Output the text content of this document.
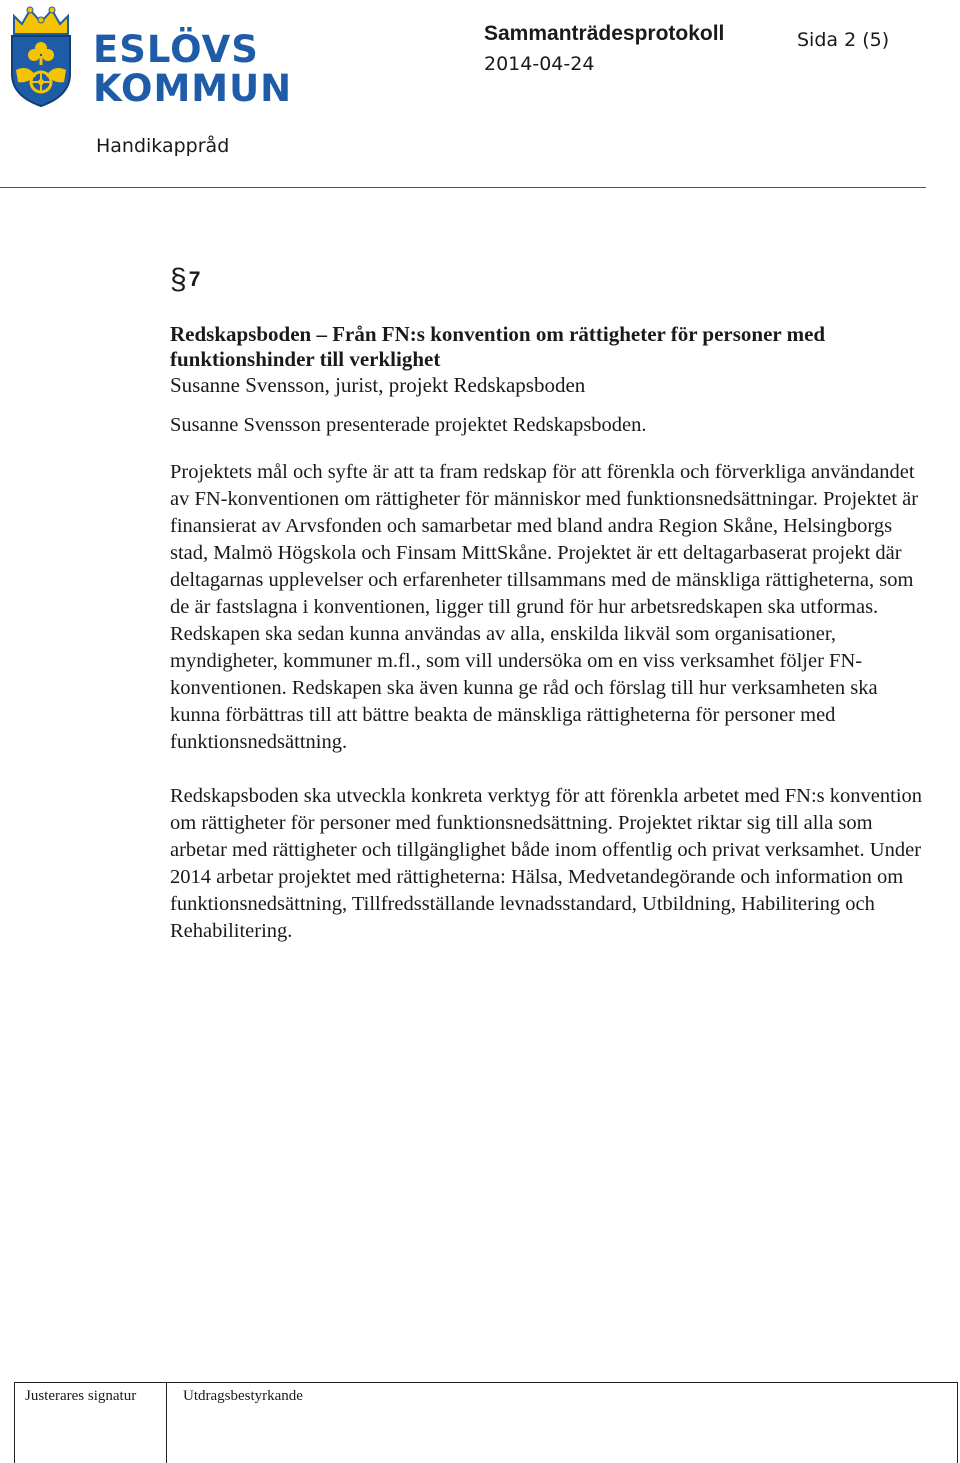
ESLÖVS
KOMMUN
Sammanträdesprotokoll
2014-04-24
Sida 2 (5)
Handikappråd
§7

Redskapsboden – Från FN:s konvention om rättigheter för personer med
funktionshinder till verklighet

Susanne Svensson, jurist, projekt Redskapsboden

Susanne Svensson presenterade projektet Redskapsboden.

Projektets mål och syfte är att ta fram redskap för att förenkla och förverkliga användandet av FN-konventionen om rättigheter för människor med funktionsnedsättningar. Projektet är finansierat av Arvsfonden och samarbetar med bland andra Region Skåne, Helsingborgs stad, Malmö Högskola och Finsam MittSkåne. Projektet är ett deltagarbaserat projekt där deltagarnas upplevelser och erfarenheter tillsammans med de mänskliga rättigheterna, som de är fastslagna i konventionen, ligger till grund för hur arbetsredskapen ska utformas. Redskapen ska sedan kunna användas av alla, enskilda likväl som organisationer, myndigheter, kommuner m.fl., som vill undersöka om en viss verksamhet följer FN-konventionen. Redskapen ska även kunna ge råd och förslag till hur verksamheten ska kunna förbättras till att bättre beakta de mänskliga rättigheterna för personer med funktionsnedsättning.

Redskapsboden ska utveckla konkreta verktyg för att förenkla arbetet med FN:s konvention om rättigheter för personer med funktionsnedsättning. Projektet riktar sig till alla som arbetar med rättigheter och tillgänglighet både inom offentlig och privat verksamhet. Under 2014 arbetar projektet med rättigheterna: Hälsa, Medvetandegörande och information om funktionsnedsättning, Tillfredsställande levnadsstandard, Utbildning, Habilitering och Rehabilitering.

Justerares signatur	Utdragsbestyrkande
